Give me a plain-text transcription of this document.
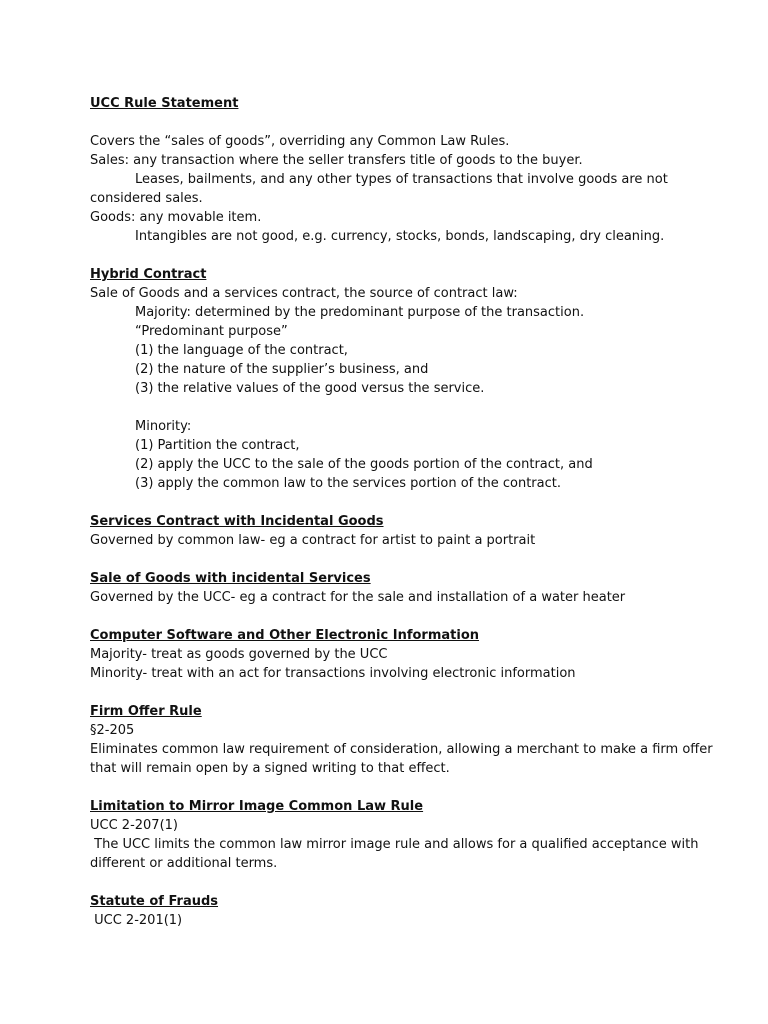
UCC Rule Statement
Covers the “sales of goods”, overriding any Common Law Rules.
Sales: any transaction where the seller transfers title of goods to the buyer.
Leases, bailments, and any other types of transactions that involve goods are not
considered sales.
Goods: any movable item.
Intangibles are not good, e.g. currency, stocks, bonds, landscaping, dry cleaning.
Hybrid Contract
Sale of Goods and a services contract, the source of contract law:
Majority: determined by the predominant purpose of the transaction.
“Predominant purpose”
(1) the language of the contract,
(2) the nature of the supplier’s business, and
(3) the relative values of the good versus the service.
Minority:
(1) Partition the contract,
(2) apply the UCC to the sale of the goods portion of the contract, and
(3) apply the common law to the services portion of the contract.
Services Contract with Incidental Goods
Governed by common law- eg a contract for artist to paint a portrait
Sale of Goods with incidental Services
Governed by the UCC- eg a contract for the sale and installation of a water heater
Computer Software and Other Electronic Information
Majority- treat as goods governed by the UCC
Minority- treat with an act for transactions involving electronic information
Firm Offer Rule
§2-205
Eliminates common law requirement of consideration, allowing a merchant to make a firm offer
that will remain open by a signed writing to that effect.
Limitation to Mirror Image Common Law Rule
UCC 2-207(1)
The UCC limits the common law mirror image rule and allows for a qualified acceptance with
different or additional terms.
Statute of Frauds
UCC 2-201(1)
